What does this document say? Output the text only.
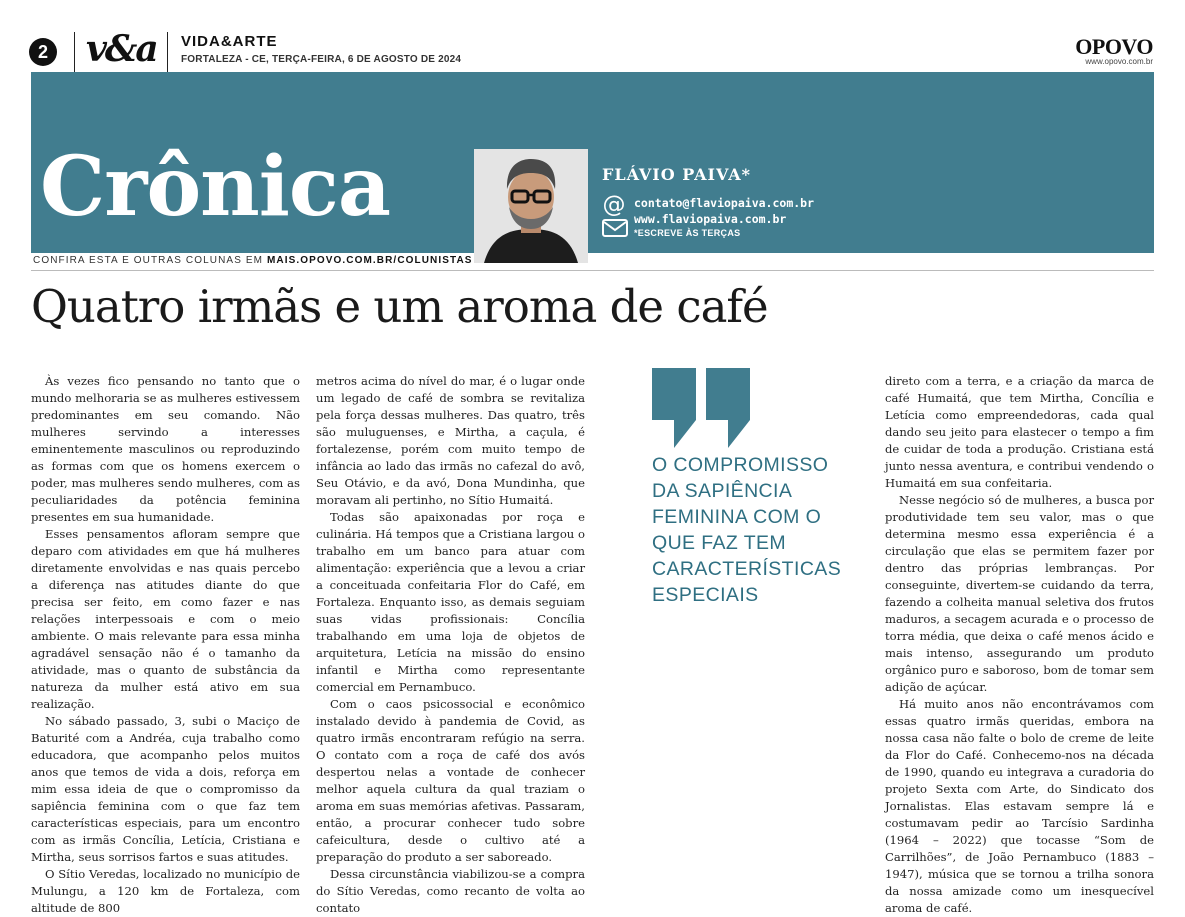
2 v&a VIDA&ARTE
FORTALEZA - CE, TERÇA-FEIRA, 6 DE AGOSTO DE 2024
OPOVO
www.opovo.com.br
Crônica	FLÁVIO PAIVA*
@ contato@flaviopaiva.com.br
www.flaviopaiva.com.br
*ESCREVE ÀS TERÇAS
CONFIRA ESTA E OUTRAS COLUNAS EM MAIS.OPOVO.COM.BR/COLUNISTAS
Quatro irmãs e um aroma de café

Às vezes fico pensando no tanto que o mundo melhoraria se as mulheres estivessem predominantes em seu comando. Não mulheres servindo a interesses eminentemente masculinos ou reproduzindo as formas com que os homens exercem o poder, mas mulheres sendo mulheres, com as peculiaridades da potência feminina presentes em sua humanidade.

Esses pensamentos afloram sempre que deparo com atividades em que há mulheres diretamente envolvidas e nas quais percebo a diferença nas atitudes diante do que precisa ser feito, em como fazer e nas relações interpessoais e com o meio ambiente. O mais relevante para essa minha agradável sensação não é o tamanho da atividade, mas o quanto de substância da natureza da mulher está ativo em sua realização.

No sábado passado, 3, subi o Maciço de Baturité com a Andréa, cuja trabalho como educadora, que acompanho pelos muitos anos que temos de vida a dois, reforça em mim essa ideia de que o compromisso da sapiência feminina com o que faz tem características especiais, para um encontro com as irmãs Concília, Letícia, Cristiana e Mirtha, seus sorrisos fartos e suas atitudes.

O Sítio Veredas, localizado no município de Mulungu, a 120 km de Fortaleza, com altitude de 800

metros acima do nível do mar, é o lugar onde um legado de café de sombra se revitaliza pela força dessas mulheres. Das quatro, três são muluguenses, e Mirtha, a caçula, é fortalezense, porém com muito tempo de infância ao lado das irmãs no cafezal do avô, Seu Otávio, e da avó, Dona Mundinha, que moravam ali pertinho, no Sítio Humaitá.

Todas são apaixonadas por roça e culinária. Há tempos que a Cristiana largou o trabalho em um banco para atuar com alimentação: experiência que a levou a criar a conceituada confeitaria Flor do Café, em Fortaleza. Enquanto isso, as demais seguiam suas vidas profissionais: Concília trabalhando em uma loja de objetos de arquitetura, Letícia na missão do ensino infantil e Mirtha como representante comercial em Pernambuco.

Com o caos psicossocial e econômico instalado devido à pandemia de Covid, as quatro irmãs encontraram refúgio na serra. O contato com a roça de café dos avós despertou nelas a vontade de conhecer melhor aquela cultura da qual traziam o aroma em suas memórias afetivas. Passaram, então, a procurar conhecer tudo sobre cafeicultura, desde o cultivo até a preparação do produto a ser saboreado.

Dessa circunstância viabilizou-se a compra do Sítio Veredas, como recanto de volta ao contato

O COMPROMISSO DA SAPIÊNCIA FEMININA COM O QUE FAZ TEM CARACTERÍSTICAS ESPECIAIS

direto com a terra, e a criação da marca de café Humaitá, que tem Mirtha, Concília e Letícia como empreendedoras, cada qual dando seu jeito para elastecer o tempo a fim de cuidar de toda a produção. Cristiana está junto nessa aventura, e contribui vendendo o Humaitá em sua confeitaria.

Nesse negócio só de mulheres, a busca por produtividade tem seu valor, mas o que determina mesmo essa experiência é a circulação que elas se permitem fazer por dentro das próprias lembranças. Por conseguinte, divertem-se cuidando da terra, fazendo a colheita manual seletiva dos frutos maduros, a secagem acurada e o processo de torra média, que deixa o café menos ácido e mais intenso, assegurando um produto orgânico puro e saboroso, bom de tomar sem adição de açúcar.

Há muito anos não encontrávamos com essas quatro irmãs queridas, embora na nossa casa não falte o bolo de creme de leite da Flor do Café. Conhecemo-nos na década de 1990, quando eu integrava a curadoria do projeto Sexta com Arte, do Sindicato dos Jornalistas. Elas estavam sempre lá e costumavam pedir ao Tarcísio Sardinha (1964 – 2022) que tocasse “Som de Carrilhões”, de João Pernambuco (1883 – 1947), música que se tornou a trilha sonora da nossa amizade como um inesquecível aroma de café.
